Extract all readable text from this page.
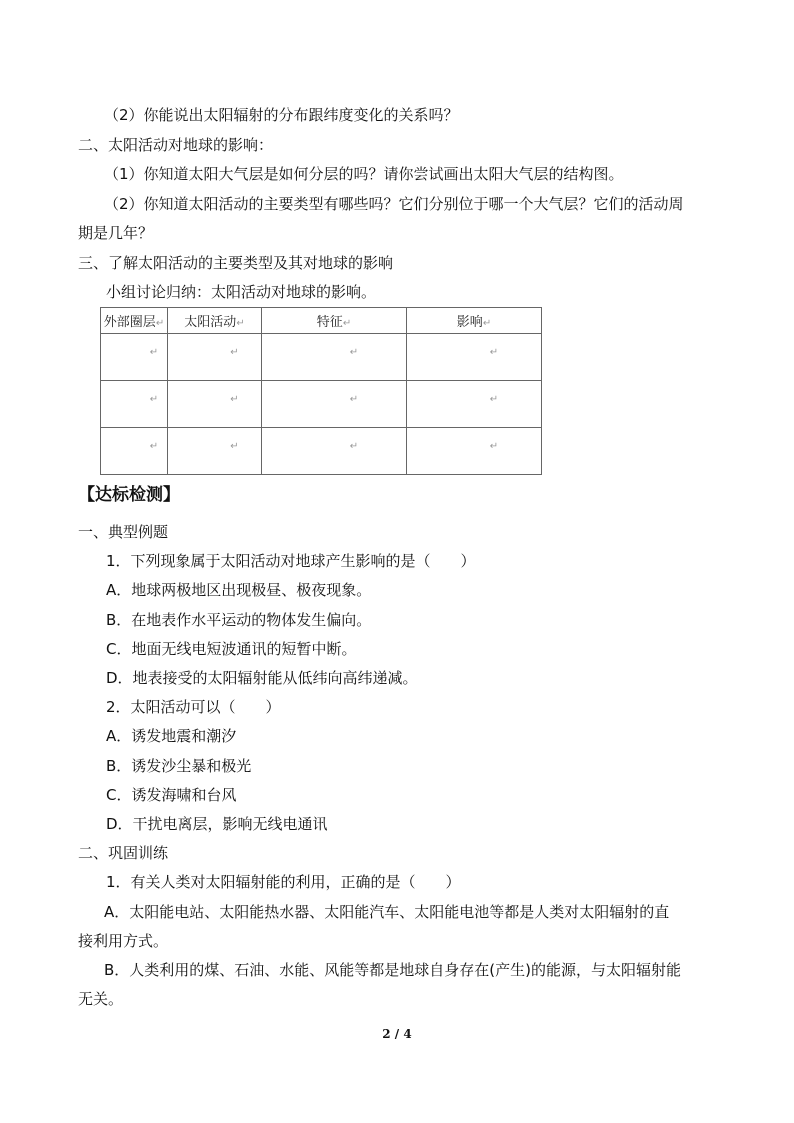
（2）你能说出太阳辐射的分布跟纬度变化的关系吗？
二、太阳活动对地球的影响：
（1）你知道太阳大气层是如何分层的吗？请你尝试画出太阳大气层的结构图。
（2）你知道太阳活动的主要类型有哪些吗？它们分别位于哪一个大气层？它们的活动周
期是几年？
三、了解太阳活动的主要类型及其对地球的影响
小组讨论归纳：太阳活动对地球的影响。
外部圈层↵	太阳活动↵	特征↵	影响↵
↵	↵	↵	↵
↵	↵	↵	↵
↵	↵	↵	↵
【达标检测】
一、典型例题
1．下列现象属于太阳活动对地球产生影响的是（　　）
A．地球两极地区出现极昼、极夜现象。
B．在地表作水平运动的物体发生偏向。
C．地面无线电短波通讯的短暂中断。
D．地表接受的太阳辐射能从低纬向高纬递减。
2．太阳活动可以（　　）
A．诱发地震和潮汐
B．诱发沙尘暴和极光
C．诱发海啸和台风
D．干扰电离层，影响无线电通讯
二、巩固训练
1．有关人类对太阳辐射能的利用，正确的是（　　）
A．太阳能电站、太阳能热水器、太阳能汽车、太阳能电池等都是人类对太阳辐射的直
接利用方式。
B．人类利用的煤、石油、水能、风能等都是地球自身存在(产生)的能源，与太阳辐射能
无关。
2 / 4
